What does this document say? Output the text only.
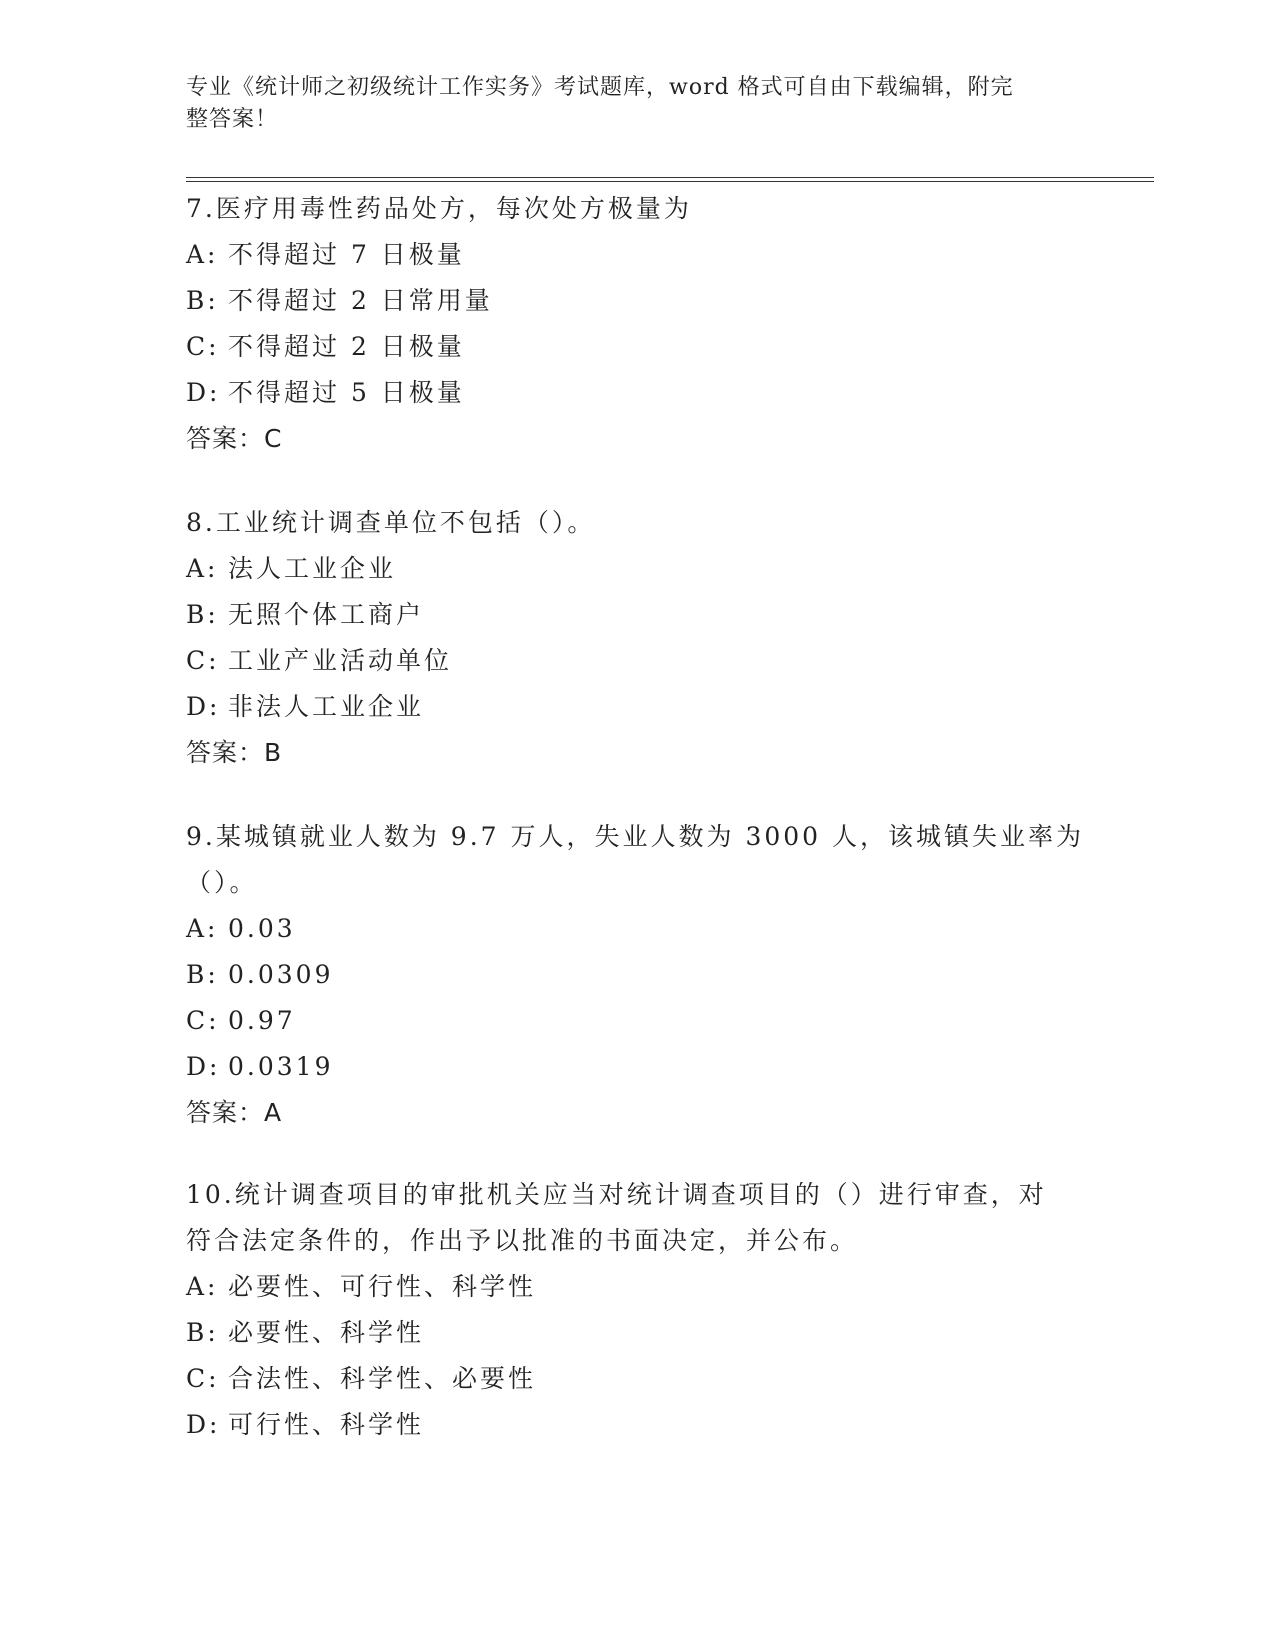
专业《统计师之初级统计工作实务》考试题库，word 格式可自由下载编辑，附完
整答案！
7.医疗用毒性药品处方，每次处方极量为
A: 不得超过 7 日极量
B: 不得超过 2 日常用量
C: 不得超过 2 日极量
D: 不得超过 5 日极量
答案：C
8.工业统计调查单位不包括（）。
A: 法人工业企业
B: 无照个体工商户
C: 工业产业活动单位
D: 非法人工业企业
答案：B
9.某城镇就业人数为 9.7 万人，失业人数为 3000 人，该城镇失业率为
（）。
A: 0.03
B: 0.0309
C: 0.97
D: 0.0319
答案：A
10.统计调查项目的审批机关应当对统计调查项目的（）进行审查，对
符合法定条件的，作出予以批准的书面决定，并公布。
A: 必要性、可行性、科学性
B: 必要性、科学性
C: 合法性、科学性、必要性
D: 可行性、科学性
